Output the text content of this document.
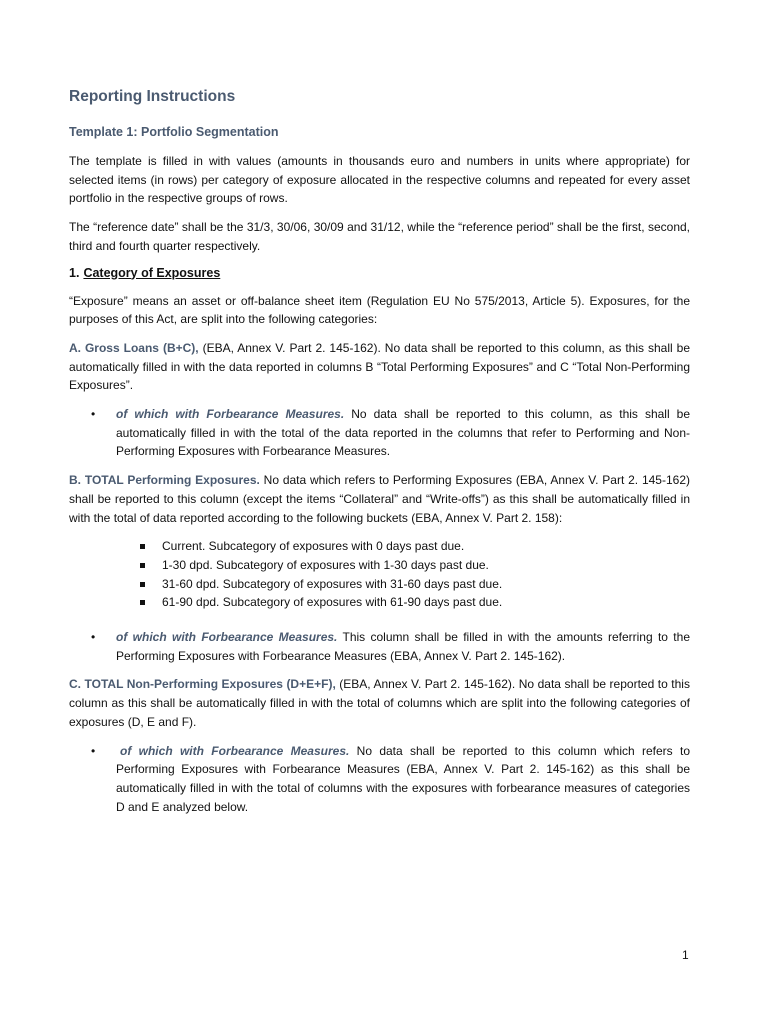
Reporting Instructions
Template 1: Portfolio Segmentation

The template is filled in with values (amounts in thousands euro and numbers in units where appropriate) for selected items (in rows) per category of exposure allocated in the respective columns and repeated for every asset portfolio in the respective groups of rows.

The “reference date” shall be the 31/3, 30/06, 30/09 and 31/12, while the “reference period” shall be the first, second, third and fourth quarter respectively.

1. Category of Exposures

“Exposure” means an asset or off-balance sheet item (Regulation EU No 575/2013, Article 5). Exposures, for the purposes of this Act, are split into the following categories:

A. Gross Loans (B+C), (EBA, Annex V. Part 2. 145-162). No data shall be reported to this column, as this shall be automatically filled in with the data reported in columns B “Total Performing Exposures” and C “Total Non-Performing Exposures”.

• of which with Forbearance Measures. No data shall be reported to this column, as this shall be automatically filled in with the total of the data reported in the columns that refer to Performing and Non-Performing Exposures with Forbearance Measures.

B. TOTAL Performing Exposures. No data which refers to Performing Exposures (EBA, Annex V. Part 2. 145-162) shall be reported to this column (except the items “Collateral” and “Write-offs”) as this shall be automatically filled in with the total of data reported according to the following buckets (EBA, Annex V. Part 2. 158):

Current. Subcategory of exposures with 0 days past due.
1-30 dpd. Subcategory of exposures with 1-30 days past due.
31-60 dpd. Subcategory of exposures with 31-60 days past due.
61-90 dpd. Subcategory of exposures with 61-90 days past due.
• of which with Forbearance Measures. This column shall be filled in with the amounts referring to the Performing Exposures with Forbearance Measures (EBA, Annex V. Part 2. 145-162).

C. TOTAL Non-Performing Exposures (D+E+F), (EBA, Annex V. Part 2. 145-162). No data shall be reported to this column as this shall be automatically filled in with the total of columns which are split into the following categories of exposures (D, E and F).

•	of which with Forbearance Measures. No data shall be reported to this column which refers to Performing Exposures with Forbearance Measures (EBA, Annex V. Part 2. 145-162) as this shall be automatically filled in with the total of columns with the exposures with forbearance measures of categories D and E analyzed below.

1
